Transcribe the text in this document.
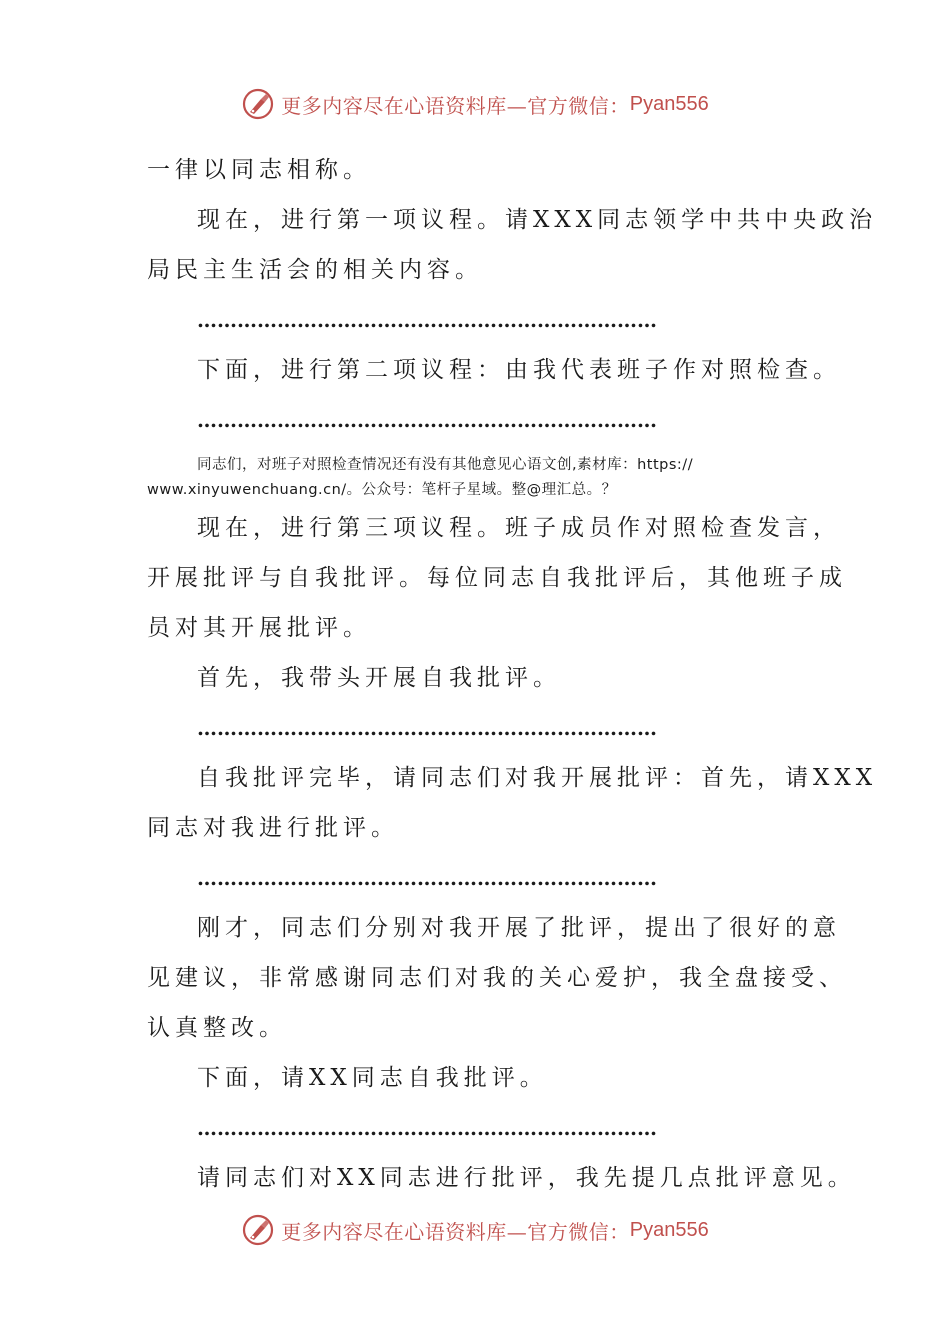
更多内容尽在心语资料库—官方微信： Pyan556

一律以同志相称。

现在，进行第一项议程。请XXX同志领学中共中央政治

局民主生活会的相关内容。

……………………………………………………………

下面，进行第二项议程：由我代表班子作对照检查。

……………………………………………………………

同志们，对班子对照检查情况还有没有其他意见心语文创,素材库：https://

www.xinyuwenchuang.cn/。公众号：笔杆子星域。整@理汇总。？

现在，进行第三项议程。班子成员作对照检查发言，

开展批评与自我批评。每位同志自我批评后，其他班子成

员对其开展批评。

首先，我带头开展自我批评。

……………………………………………………………

自我批评完毕，请同志们对我开展批评：首先，请XXX

同志对我进行批评。

……………………………………………………………

刚才，同志们分别对我开展了批评，提出了很好的意

见建议，非常感谢同志们对我的关心爱护，我全盘接受、

认真整改。

下面，请XX同志自我批评。

……………………………………………………………

请同志们对XX同志进行批评，我先提几点批评意见。

更多内容尽在心语资料库—官方微信： Pyan556
